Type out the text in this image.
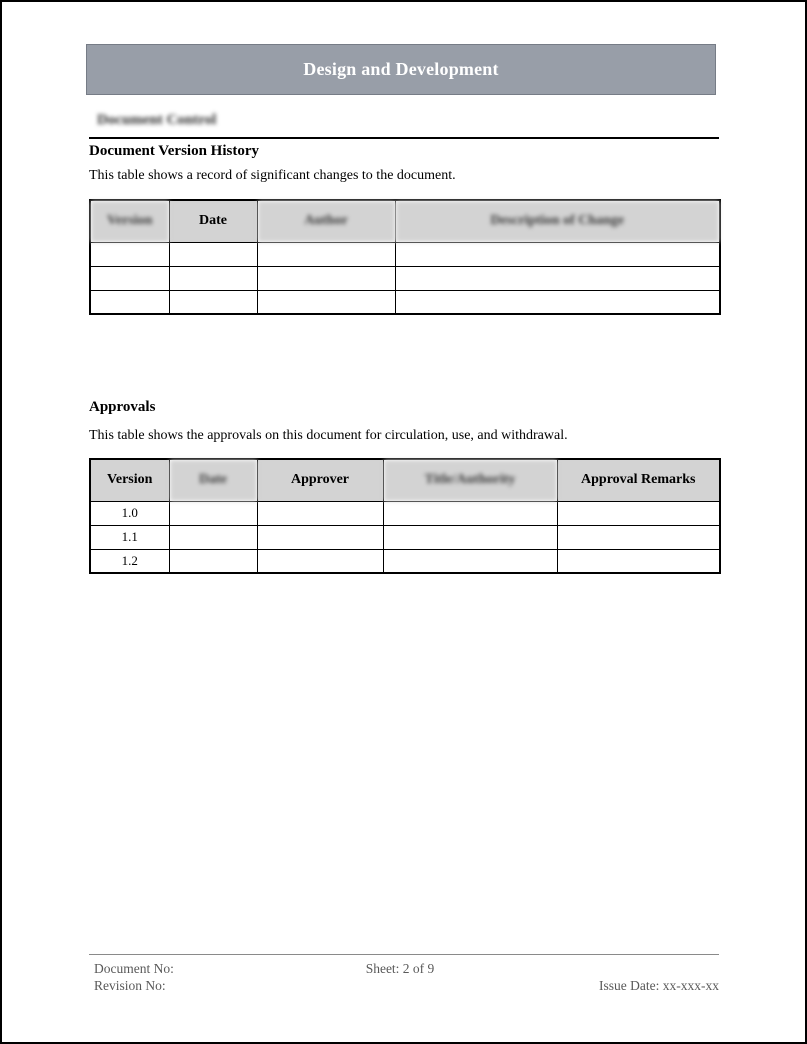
Design and Development
Document Control
Document Version History
This table shows a record of significant changes to the document.
Version	Date	Author	Description of Change

Approvals
This table shows the approvals on this document for circulation, use, and withdrawal.
Version	Date	Approver	Title/Authority	Approval Remarks
1.0				
1.1				
1.2				
Document No:	Sheet: 2 of 9
Revision No:	Issue Date: xx-xxx-xx
